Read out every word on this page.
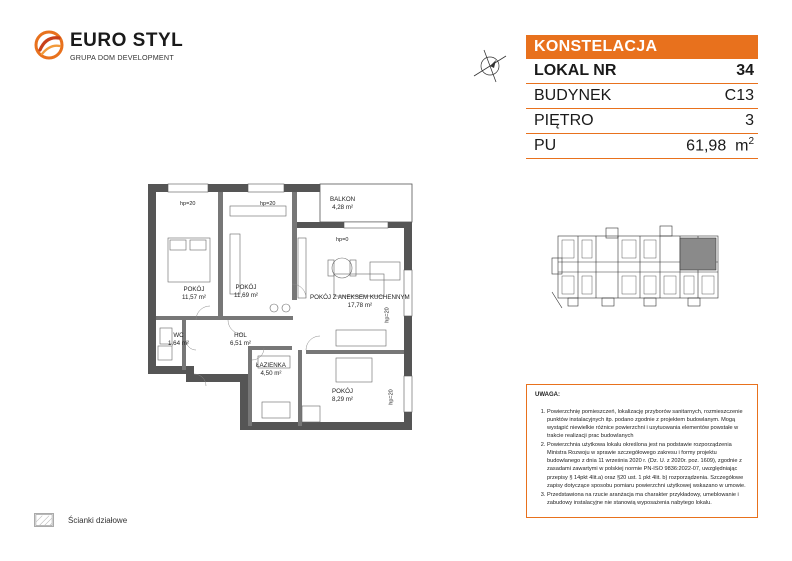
EURO STYL
GRUPA DOM DEVELOPMENT
KONSTELACJA
LOKAL NR	34
BUDYNEK	C13
PIĘTRO	3
PU	61,98 $m^2$
UWAGA:
1. Powierzchnię pomieszczeń, lokalizację przyborów sanitarnych, rozmieszczenie punktów instalacyjnych itp. podano zgodnie z projektem budowlanym. Mogą wystąpić niewielkie różnice powierzchni i usytuowania elementów powstałe w trakcie realizacji prac budowlanych
2. Powierzchnia użytkowa lokalu określona jest na podstawie rozporządzenia Ministra Rozwoju w sprawie szczegółowego zakresu i formy projektu budowlanego z dnia 11 września 2020 r. (Dz. U. z 2020r. poz. 1609), zgodnie z zasadami zawartymi w polskiej normie PN-ISO 9836:2022-07, uwzględniając przepisy § 14pkt 4lit.a) oraz §20 ust. 1 pkt 4lit. b) rozporządzenia. Szczegółowe zapisy dotyczące sposobu pomiaru powierzchni użytkowej wskazano w umowie.
3. Przedstawiona na rzucie aranżacja ma charakter przykładowy, umeblowanie i zabudowy instalacyjne nie stanowią wyposażenia nabytego lokalu.
Ścianki działowe
hp=20	hp=20
hp=0
hp=20
hp=20
POKÓJ
11,57 m²
POKÓJ
11,69 m²
BALKON
4,28 m²
POKÓJ Z ANEKSEM KUCHENNYM
17,78 m²
WC
1,64 m²
HOL
6,51 m²
ŁAZIENKA
4,50 m²
POKÓJ
8,29 m²
